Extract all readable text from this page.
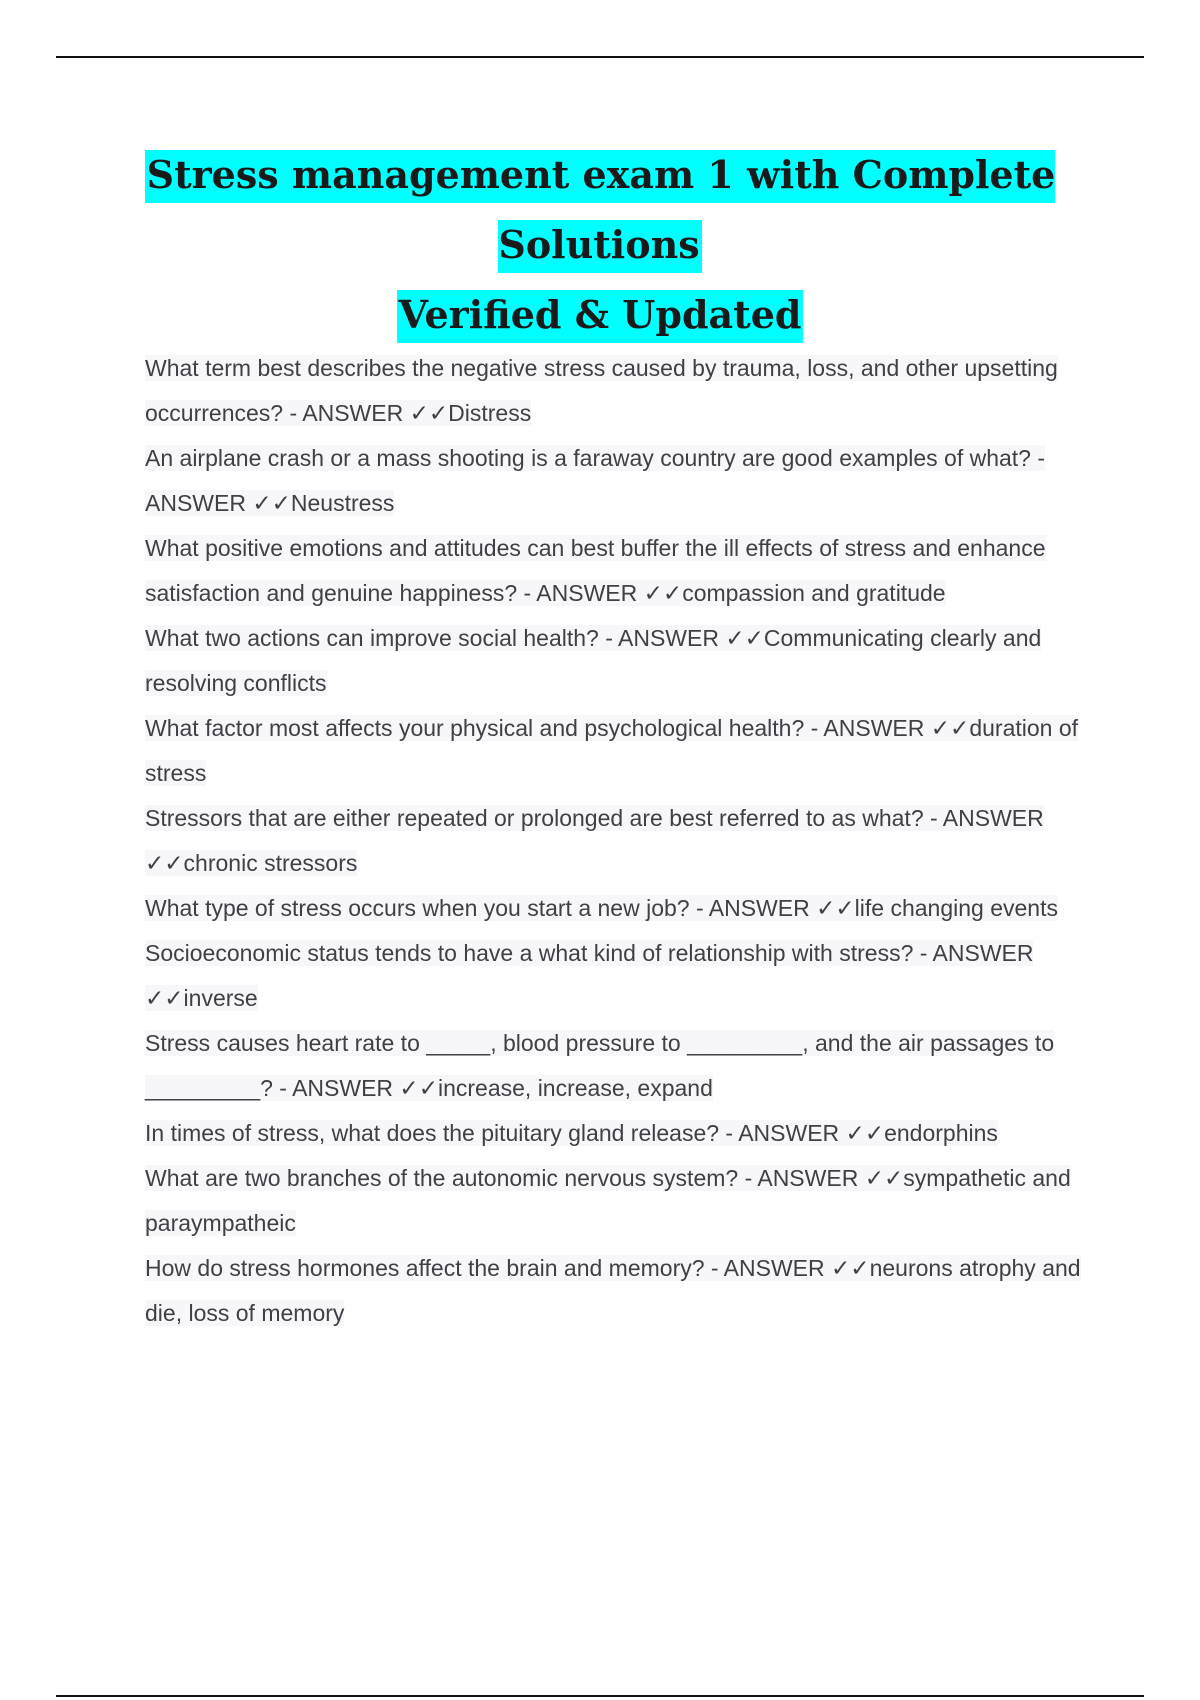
Stress management exam 1 with Complete Solutions
Verified & Updated

What term best describes the negative stress caused by trauma, loss, and other upsetting occurrences? - ANSWER ✓✓Distress

An airplane crash or a mass shooting is a faraway country are good examples of what? - ANSWER ✓✓Neustress

What positive emotions and attitudes can best buffer the ill effects of stress and enhance satisfaction and genuine happiness? - ANSWER ✓✓compassion and gratitude

What two actions can improve social health? - ANSWER ✓✓Communicating clearly and resolving conflicts

What factor most affects your physical and psychological health? - ANSWER ✓✓duration of stress

Stressors that are either repeated or prolonged are best referred to as what? - ANSWER ✓✓chronic stressors

What type of stress occurs when you start a new job? - ANSWER ✓✓life changing events

Socioeconomic status tends to have a what kind of relationship with stress? - ANSWER ✓✓inverse

Stress causes heart rate to _____, blood pressure to _________, and the air passages to _________? - ANSWER ✓✓increase, increase, expand

In times of stress, what does the pituitary gland release? - ANSWER ✓✓endorphins

What are two branches of the autonomic nervous system? - ANSWER ✓✓sympathetic and paraympatheic

How do stress hormones affect the brain and memory? - ANSWER ✓✓neurons atrophy and die, loss of memory
